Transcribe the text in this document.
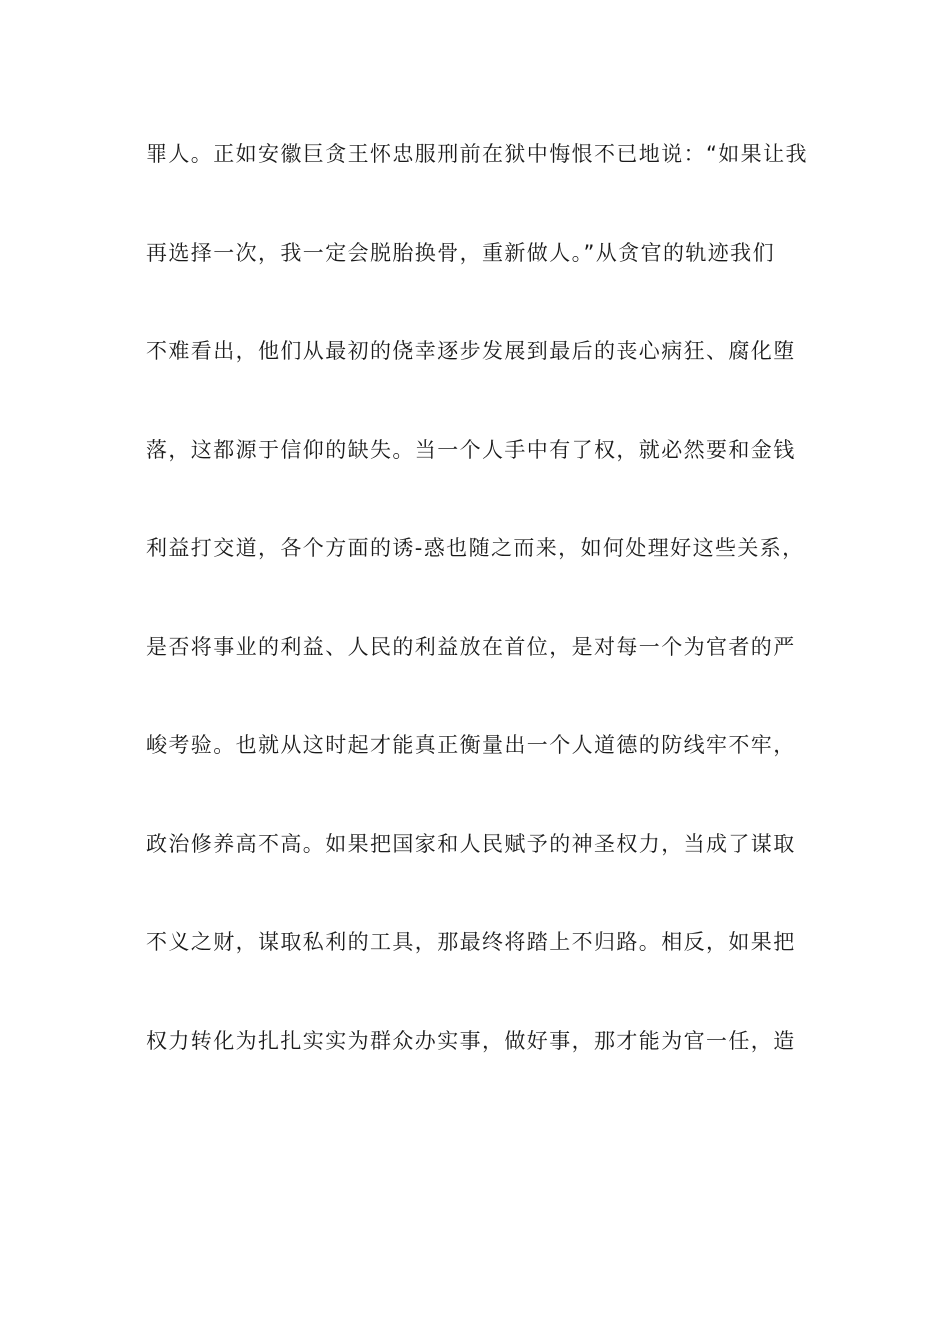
罪人。正如安徽巨贪王怀忠服刑前在狱中悔恨不已地说：“如果让我
再选择一次，我一定会脱胎换骨，重新做人。”从贪官的轨迹我们
不难看出，他们从最初的侥幸逐步发展到最后的丧心病狂、腐化堕
落，这都源于信仰的缺失。当一个人手中有了权，就必然要和金钱
利益打交道，各个方面的诱-惑也随之而来，如何处理好这些关系，
是否将事业的利益、人民的利益放在首位，是对每一个为官者的严
峻考验。也就从这时起才能真正衡量出一个人道德的防线牢不牢，
政治修养高不高。如果把国家和人民赋予的神圣权力，当成了谋取
不义之财，谋取私利的工具，那最终将踏上不归路。相反，如果把
权力转化为扎扎实实为群众办实事，做好事，那才能为官一任，造
